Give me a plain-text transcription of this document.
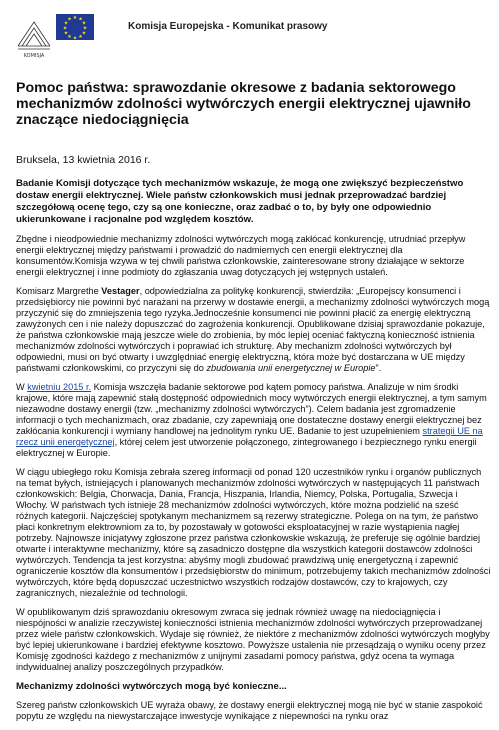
★ ★
★
★
★
★
★
★
★
★
★
★
KOMISJA
Komisja Europejska - Komunikat prasowy
Pomoc państwa: sprawozdanie okresowe z badania sektorowego mechanizmów zdolności wytwórczych energii elektrycznej ujawniło znaczące niedociągnięcia
Bruksela, 13 kwietnia 2016 r.

Badanie Komisji dotyczące tych mechanizmów wskazuje, że mogą one zwiększyć bezpieczeństwo dostaw energii elektrycznej. Wiele państw członkowskich musi jednak przeprowadzać bardziej szczegółową ocenę tego, czy są one konieczne, oraz zadbać o to, by były one odpowiednio ukierunkowane i racjonalne pod względem kosztów.

Zbędne i nieodpowiednie mechanizmy zdolności wytwórczych mogą zakłócać konkurencję, utrudniać przepływ energii elektrycznej między państwami i prowadzić do nadmiernych cen energii elektrycznej dla konsumentów.Komisja wzywa w tej chwili państwa członkowskie, zainteresowane strony działające w sektorze energii elektrycznej i inne podmioty do zgłaszania uwag dotyczących jej wstępnych ustaleń.

Komisarz Margrethe Vestager, odpowiedzialna za politykę konkurencji, stwierdziła: „Europejscy konsumenci i przedsiębiorcy nie powinni być narażani na przerwy w dostawie energii, a mechanizmy zdolności wytwórczych mogą przyczynić się do zmniejszenia tego ryzyka.Jednocześnie konsumenci nie powinni płacić za energię elektryczną zawyżonych cen i nie należy dopuszczać do zagrożenia konkurencji. Opublikowane dzisiaj sprawozdanie pokazuje, że państwa członkowskie mają jeszcze wiele do zrobienia, by móc lepiej oceniać faktyczną konieczność istnienia mechanizmów zdolności wytwórczych i poprawiać ich strukturę. Aby mechanizm zdolności wytwórczych był odpowiedni, musi on być otwarty i uwzględniać energię elektryczną, która może być dostarczana w UE między państwami członkowskimi, co przyczyni się do zbudowania unii energetycznej w Europie”.

W kwietniu 2015 r. Komisja wszczęła badanie sektorowe pod kątem pomocy państwa. Analizuje w nim środki krajowe, które mają zapewnić stałą dostępność odpowiednich mocy wytwórczych energii elektrycznej, a tym samym niezawodne dostawy energii (tzw. „mechanizmy zdolności wytwórczych”). Celem badania jest zgromadzenie informacji o tych mechanizmach, oraz zbadanie, czy zapewniają one dostateczne dostawy energii elektrycznej bez zakłócania konkurencji i wymiany handlowej na jednolitym rynku UE. Badanie to jest uzupełnieniem strategii UE na rzecz unii energetycznej, której celem jest utworzenie połączonego, zintegrowanego i bezpiecznego rynku energii elektrycznej w Europie.

W ciągu ubiegłego roku Komisja zebrała szereg informacji od ponad 120 uczestników rynku i organów publicznych na temat byłych, istniejących i planowanych mechanizmów zdolności wytwórczych w następujących 11 państwach członkowskich: Belgia, Chorwacja, Dania, Francja, Hiszpania, Irlandia, Niemcy, Polska, Portugalia, Szwecja i Włochy. W państwach tych istnieje 28 mechanizmów zdolności wytwórczych, które można podzielić na sześć różnych kategorii. Najczęściej spotykanym mechanizmem są rezerwy strategiczne. Polega on na tym, że państwo płaci konkretnym elektrowniom za to, by pozostawały w gotowości eksploatacyjnej w razie wystąpienia nagłej potrzeby. Najnowsze inicjatywy zgłoszone przez państwa członkowskie wskazują, że preferuje się ogólnie bardziej otwarte i interaktywne mechanizmy, które są zasadniczo dostępne dla wszystkich kategorii dostawców zdolności wytwórczych. Tendencja ta jest korzystna: abyśmy mogli zbudować prawdziwą unię energetyczną i zapewnić ograniczenie kosztów dla konsumentów i przedsiębiorstw do minimum, potrzebujemy takich mechanizmów zdolności wytwórczych, które będą dopuszczać uczestnictwo wszystkich rodzajów dostawców, czy to krajowych, czy zagranicznych, niezależnie od technologii.

W opublikowanym dziś sprawozdaniu okresowym zwraca się jednak również uwagę na niedociągnięcia i niespójności w analizie rzeczywistej konieczności istnienia mechanizmów zdolności wytwórczych przeprowadzanej przez wiele państw członkowskich. Wydaje się również, że niektóre z mechanizmów zdolności wytwórczych mogłyby być lepiej ukierunkowane i bardziej efektywne kosztowo. Powyższe ustalenia nie przesądzają o wyniku oceny przez Komisję zgodności każdego z mechanizmów z unijnymi zasadami pomocy państwa, gdyż ocena ta wymaga indywidualnej analizy poszczególnych przypadków.

Mechanizmy zdolności wytwórczych mogą być konieczne...

Szereg państw członkowskich UE wyraża obawy, że dostawy energii elektrycznej mogą nie być w stanie zaspokoić popytu ze względu na niewystarczające inwestycje wynikające z niepewności na rynku oraz
